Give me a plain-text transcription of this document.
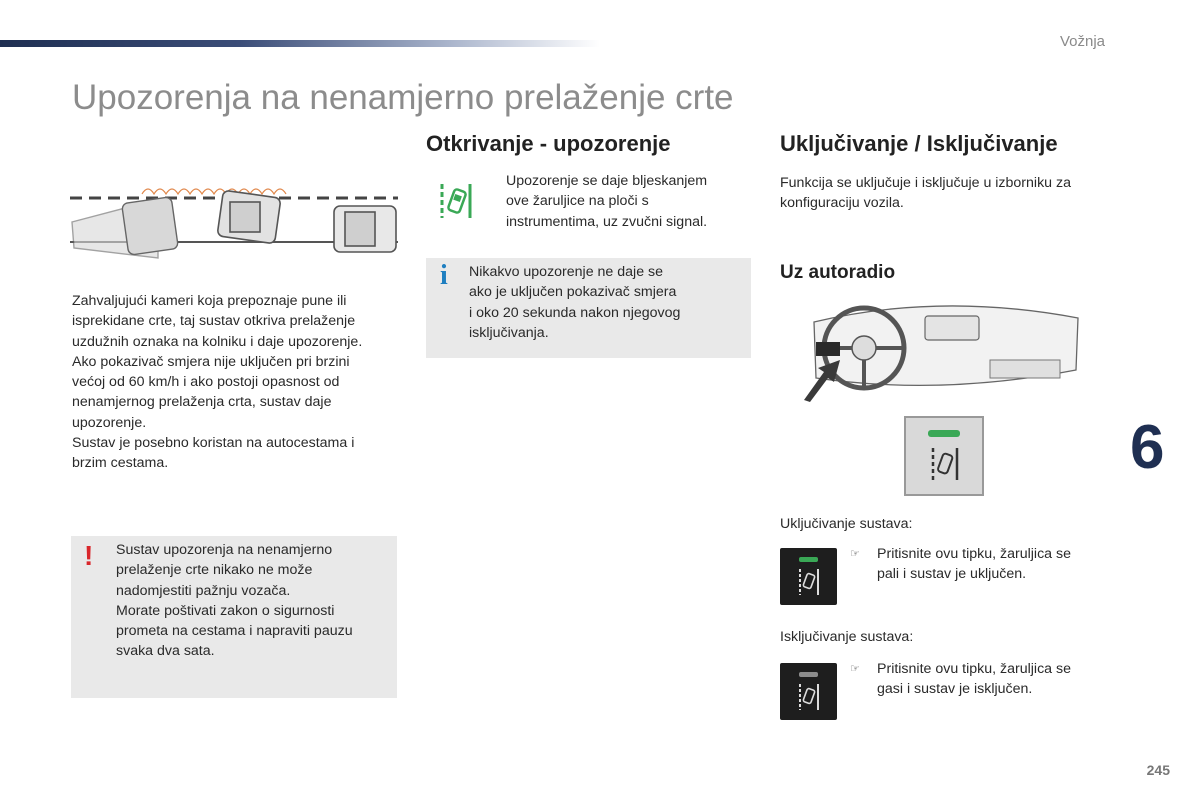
Vožnja
Upozorenja na nenamjerno prelaženje crte
Zahvaljujući kameri koja prepoznaje pune ili
isprekidane crte, taj sustav otkriva prelaženje
uzdužnih oznaka na kolniku i daje upozorenje.
Ako pokazivač smjera nije uključen pri brzini
većoj od 60 km/h i ako postoji opasnost od
nenamjernog prelaženja crta, sustav daje
upozorenje.
Sustav je posebno koristan na autocestama i
brzim cestama.
! Sustav upozorenja na nenamjerno
prelaženje crte nikako ne može
nadomjestiti pažnju vozača.
Morate poštivati zakon o sigurnosti
prometa na cestama i napraviti pauzu
svaka dva sata.
Otkrivanje - upozorenje
Upozorenje se daje bljeskanjem
ove žaruljice na ploči s
instrumentima, uz zvučni signal.
i Nikakvo upozorenje ne daje se
ako je uključen pokazivač smjera
i oko 20 sekunda nakon njegovog
isključivanja.
Uključivanje / Isključivanje
Funkcija se uključuje i isključuje u izborniku za
konfiguraciju vozila.
Uz autoradio
Uključivanje sustava:
☞ Pritisnite ovu tipku, žaruljica se
pali i sustav je uključen.
Isključivanje sustava:
☞ Pritisnite ovu tipku, žaruljica se
gasi i sustav je isključen.
6
245
